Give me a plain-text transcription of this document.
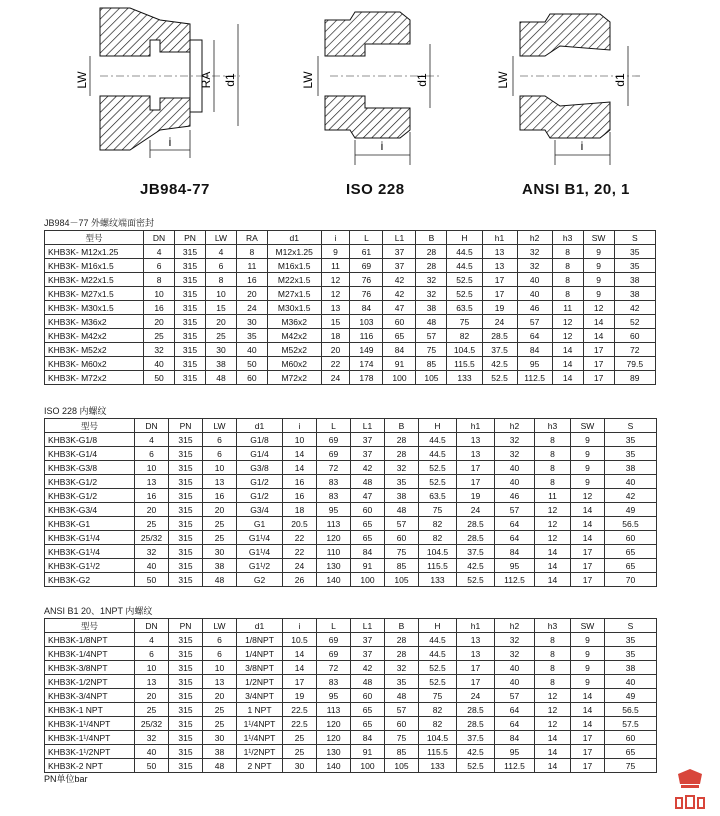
LW	RA d1
i
LW	d1
i
LW	d1
i
JB984-77	ISO 228	ANSI B1, 20, 1
JB984－77 外螺纹端面密封
型号	DN	PN	LW	RA	d1	i	L	L1	B	H	h1	h2	h3	SW	S
KHB3K- M12x1.25	4	315	4	8	M12x1.25	9	61	37	28	44.5	13	32	8	9	35
KHB3K- M16x1.5	6	315	6	11	M16x1.5	11	69	37	28	44.5	13	32	8	9	35
KHB3K- M22x1.5	8	315	8	16	M22x1.5	12	76	42	32	52.5	17	40	8	9	38
KHB3K- M27x1.5	10	315	10	20	M27x1.5	12	76	42	32	52.5	17	40	8	9	38
KHB3K- M30x1.5	16	315	15	24	M30x1.5	13	84	47	38	63.5	19	46	11	12	42
KHB3K- M36x2	20	315	20	30	M36x2	15	103	60	48	75	24	57	12	14	52
KHB3K- M42x2	25	315	25	35	M42x2	18	116	65	57	82	28.5	64	12	14	60
KHB3K- M52x2	32	315	30	40	M52x2	20	149	84	75	104.5	37.5	84	14	17	72
KHB3K- M60x2	40	315	38	50	M60x2	22	174	91	85	115.5	42.5	95	14	17	79.5
KHB3K- M72x2	50	315	48	60	M72x2	24	178	100	105	133	52.5	112.5	14	17	89
ISO 228 内螺纹
型号	DN	PN	LW	d1	i	L	L1	B	H	h1	h2	h3	SW	S
KHB3K-G1/8	4	315	6	G1/8	10	69	37	28	44.5	13	32	8	9	35
KHB3K-G1/4	6	315	6	G1/4	14	69	37	28	44.5	13	32	8	9	35
KHB3K-G3/8	10	315	10	G3/8	14	72	42	32	52.5	17	40	8	9	38
KHB3K-G1/2	13	315	13	G1/2	16	83	48	35	52.5	17	40	8	9	40
KHB3K-G1/2	16	315	16	G1/2	16	83	47	38	63.5	19	46	11	12	42
KHB3K-G3/4	20	315	20	G3/4	18	95	60	48	75	24	57	12	14	49
KHB3K-G1	25	315	25	G1	20.5	113	65	57	82	28.5	64	12	14	56.5
KHB3K-G1¹/4	25/32	315	25	G1¹/4	22	120	65	60	82	28.5	64	12	14	60
KHB3K-G1¹/4	32	315	30	G1¹/4	22	110	84	75	104.5	37.5	84	14	17	65
KHB3K-G1¹/2	40	315	38	G1¹/2	24	130	91	85	115.5	42.5	95	14	17	65
KHB3K-G2	50	315	48	G2	26	140	100	105	133	52.5	112.5	14	17	70
ANSI B1 20、1NPT 内螺纹
型号	DN	PN	LW	d1	i	L	L1	B	H	h1	h2	h3	SW	S
KHB3K-1/8NPT	4	315	6	1/8NPT	10.5	69	37	28	44.5	13	32	8	9	35
KHB3K-1/4NPT	6	315	6	1/4NPT	14	69	37	28	44.5	13	32	8	9	35
KHB3K-3/8NPT	10	315	10	3/8NPT	14	72	42	32	52.5	17	40	8	9	38
KHB3K-1/2NPT	13	315	13	1/2NPT	17	83	48	35	52.5	17	40	8	9	40
KHB3K-3/4NPT	20	315	20	3/4NPT	19	95	60	48	75	24	57	12	14	49
KHB3K-1 NPT	25	315	25	1 NPT	22.5	113	65	57	82	28.5	64	12	14	56.5
KHB3K-1¹/4NPT	25/32	315	25	1¹/4NPT	22.5	120	65	60	82	28.5	64	12	14	57.5
KHB3K-1¹/4NPT	32	315	30	1¹/4NPT	25	120	84	75	104.5	37.5	84	14	17	60
KHB3K-1¹/2NPT	40	315	38	1¹/2NPT	25	130	91	85	115.5	42.5	95	14	17	65
KHB3K-2 NPT	50	315	48	2 NPT	30	140	100	105	133	52.5	112.5	14	17	75
PN单位bar
